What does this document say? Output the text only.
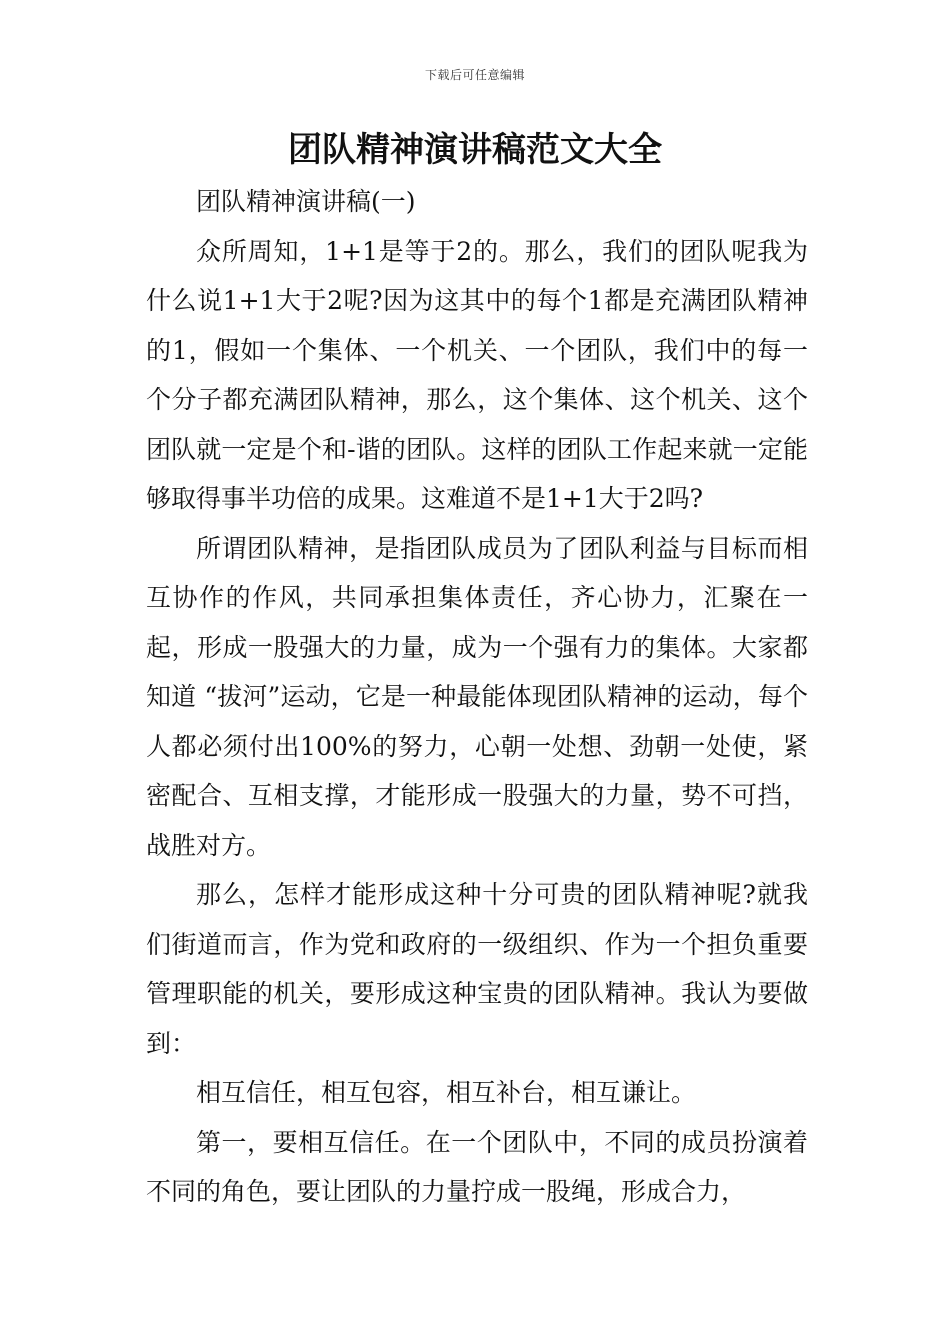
下载后可任意编辑
团队精神演讲稿范文大全

团队精神演讲稿(一)

众所周知，1+1是等于2的。那么，我们的团队呢我为什么说1+1大于2呢?因为这其中的每个1都是充满团队精神的1，假如一个集体、一个机关、一个团队，我们中的每一个分子都充满团队精神，那么，这个集体、这个机关、这个团队就一定是个和-谐的团队。这样的团队工作起来就一定能够取得事半功倍的成果。这难道不是1+1大于2吗?

所谓团队精神，是指团队成员为了团队利益与目标而相互协作的作风，共同承担集体责任，齐心协力，汇聚在一起，形成一股强大的力量，成为一个强有力的集体。大家都知道 “拔河”运动，它是一种最能体现团队精神的运动，每个人都必须付出100%的努力，心朝一处想、劲朝一处使，紧密配合、互相支撑，才能形成一股强大的力量，势不可挡，战胜对方。

那么，怎样才能形成这种十分可贵的团队精神呢?就我们街道而言，作为党和政府的一级组织、作为一个担负重要管理职能的机关，要形成这种宝贵的团队精神。我认为要做到：

相互信任，相互包容，相互补台，相互谦让。

第一，要相互信任。在一个团队中，不同的成员扮演着不同的角色，要让团队的力量拧成一股绳，形成合力，
